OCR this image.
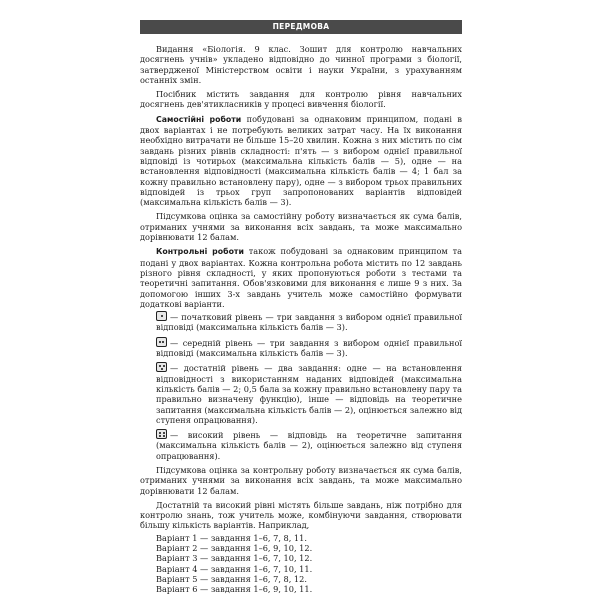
ПЕРЕДМОВА

Видання «Біологія. 9 клас. Зошит для контролю навчальних досягнень учнів» укладено відповідно до чинної програми з біології, затвердженої Міністерством освіти і науки України, з урахуванням останніх змін.

Посібник містить завдання для контролю рівня навчальних досягнень дев'ятикласників у процесі вивчення біології.

Самостійні роботи побудовані за однаковим принципом, подані в двох варіантах і не потребують великих затрат часу. На їх виконання необхідно витрачати не більше 15–20 хвилин. Кожна з них містить по сім завдань різних рівнів складності: п'ять — з вибором однієї правильної відповіді із чотирьох (максимальна кількість балів — 5), одне — на встановлення відповідності (максимальна кількість балів — 4; 1 бал за кожну правильно встановлену пару), одне — з вибором трьох правильних відповідей із трьох груп запропонованих варіантів відповідей (максимальна кількість балів — 3).

Підсумкова оцінка за самостійну роботу визначається як сума балів, отриманих учнями за виконання всіх завдань, та може максимально дорівнювати 12 балам.

Контрольні роботи також побудовані за однаковим принципом та подані у двох варіантах. Кожна контрольна робота містить по 12 завдань різного рівня складності, у яких пропонуються роботи з тестами та теоретичні запитання. Обов'язковими для виконання є лише 9 з них. За допомогою інших 3-х завдань учитель може самостійно формувати додаткові варіанти.

— початковий рівень — три завдання з вибором однієї правильної відповіді (максимальна кількість балів — 3).

— середній рівень — три завдання з вибором однієї правильної відповіді (максимальна кількість балів — 3).

— достатній рівень — два завдання: одне — на встановлення відповідності з використанням наданих відповідей (максимальна кількість балів — 2; 0,5 бала за кожну правильно встановлену пару та правильно визначену функцію), інше — відповідь на теоретичне запитання (максимальна кількість балів — 2), оцінюється залежно від ступеня опрацювання).

— високий рівень — відповідь на теоретичне запитання (максимальна кількість балів — 2), оцінюється залежно від ступеня опрацювання).

Підсумкова оцінка за контрольну роботу визначається як сума балів, отриманих учнями за виконання всіх завдань, та може максимально дорівнювати 12 балам.

Достатній та високий рівні містять більше завдань, ніж потрібно для контролю знань, тож учитель може, комбінуючи завдання, створювати більшу кількість варіантів. Наприклад,

Варіант 1 — завдання 1–6, 7, 8, 11.
Варіант 2 — завдання 1–6, 9, 10, 12.
Варіант 3 — завдання 1–6, 7, 10, 12.
Варіант 4 — завдання 1–6, 7, 10, 11.
Варіант 5 — завдання 1–6, 7, 8, 12.
Варіант 6 — завдання 1–6, 9, 10, 11.
